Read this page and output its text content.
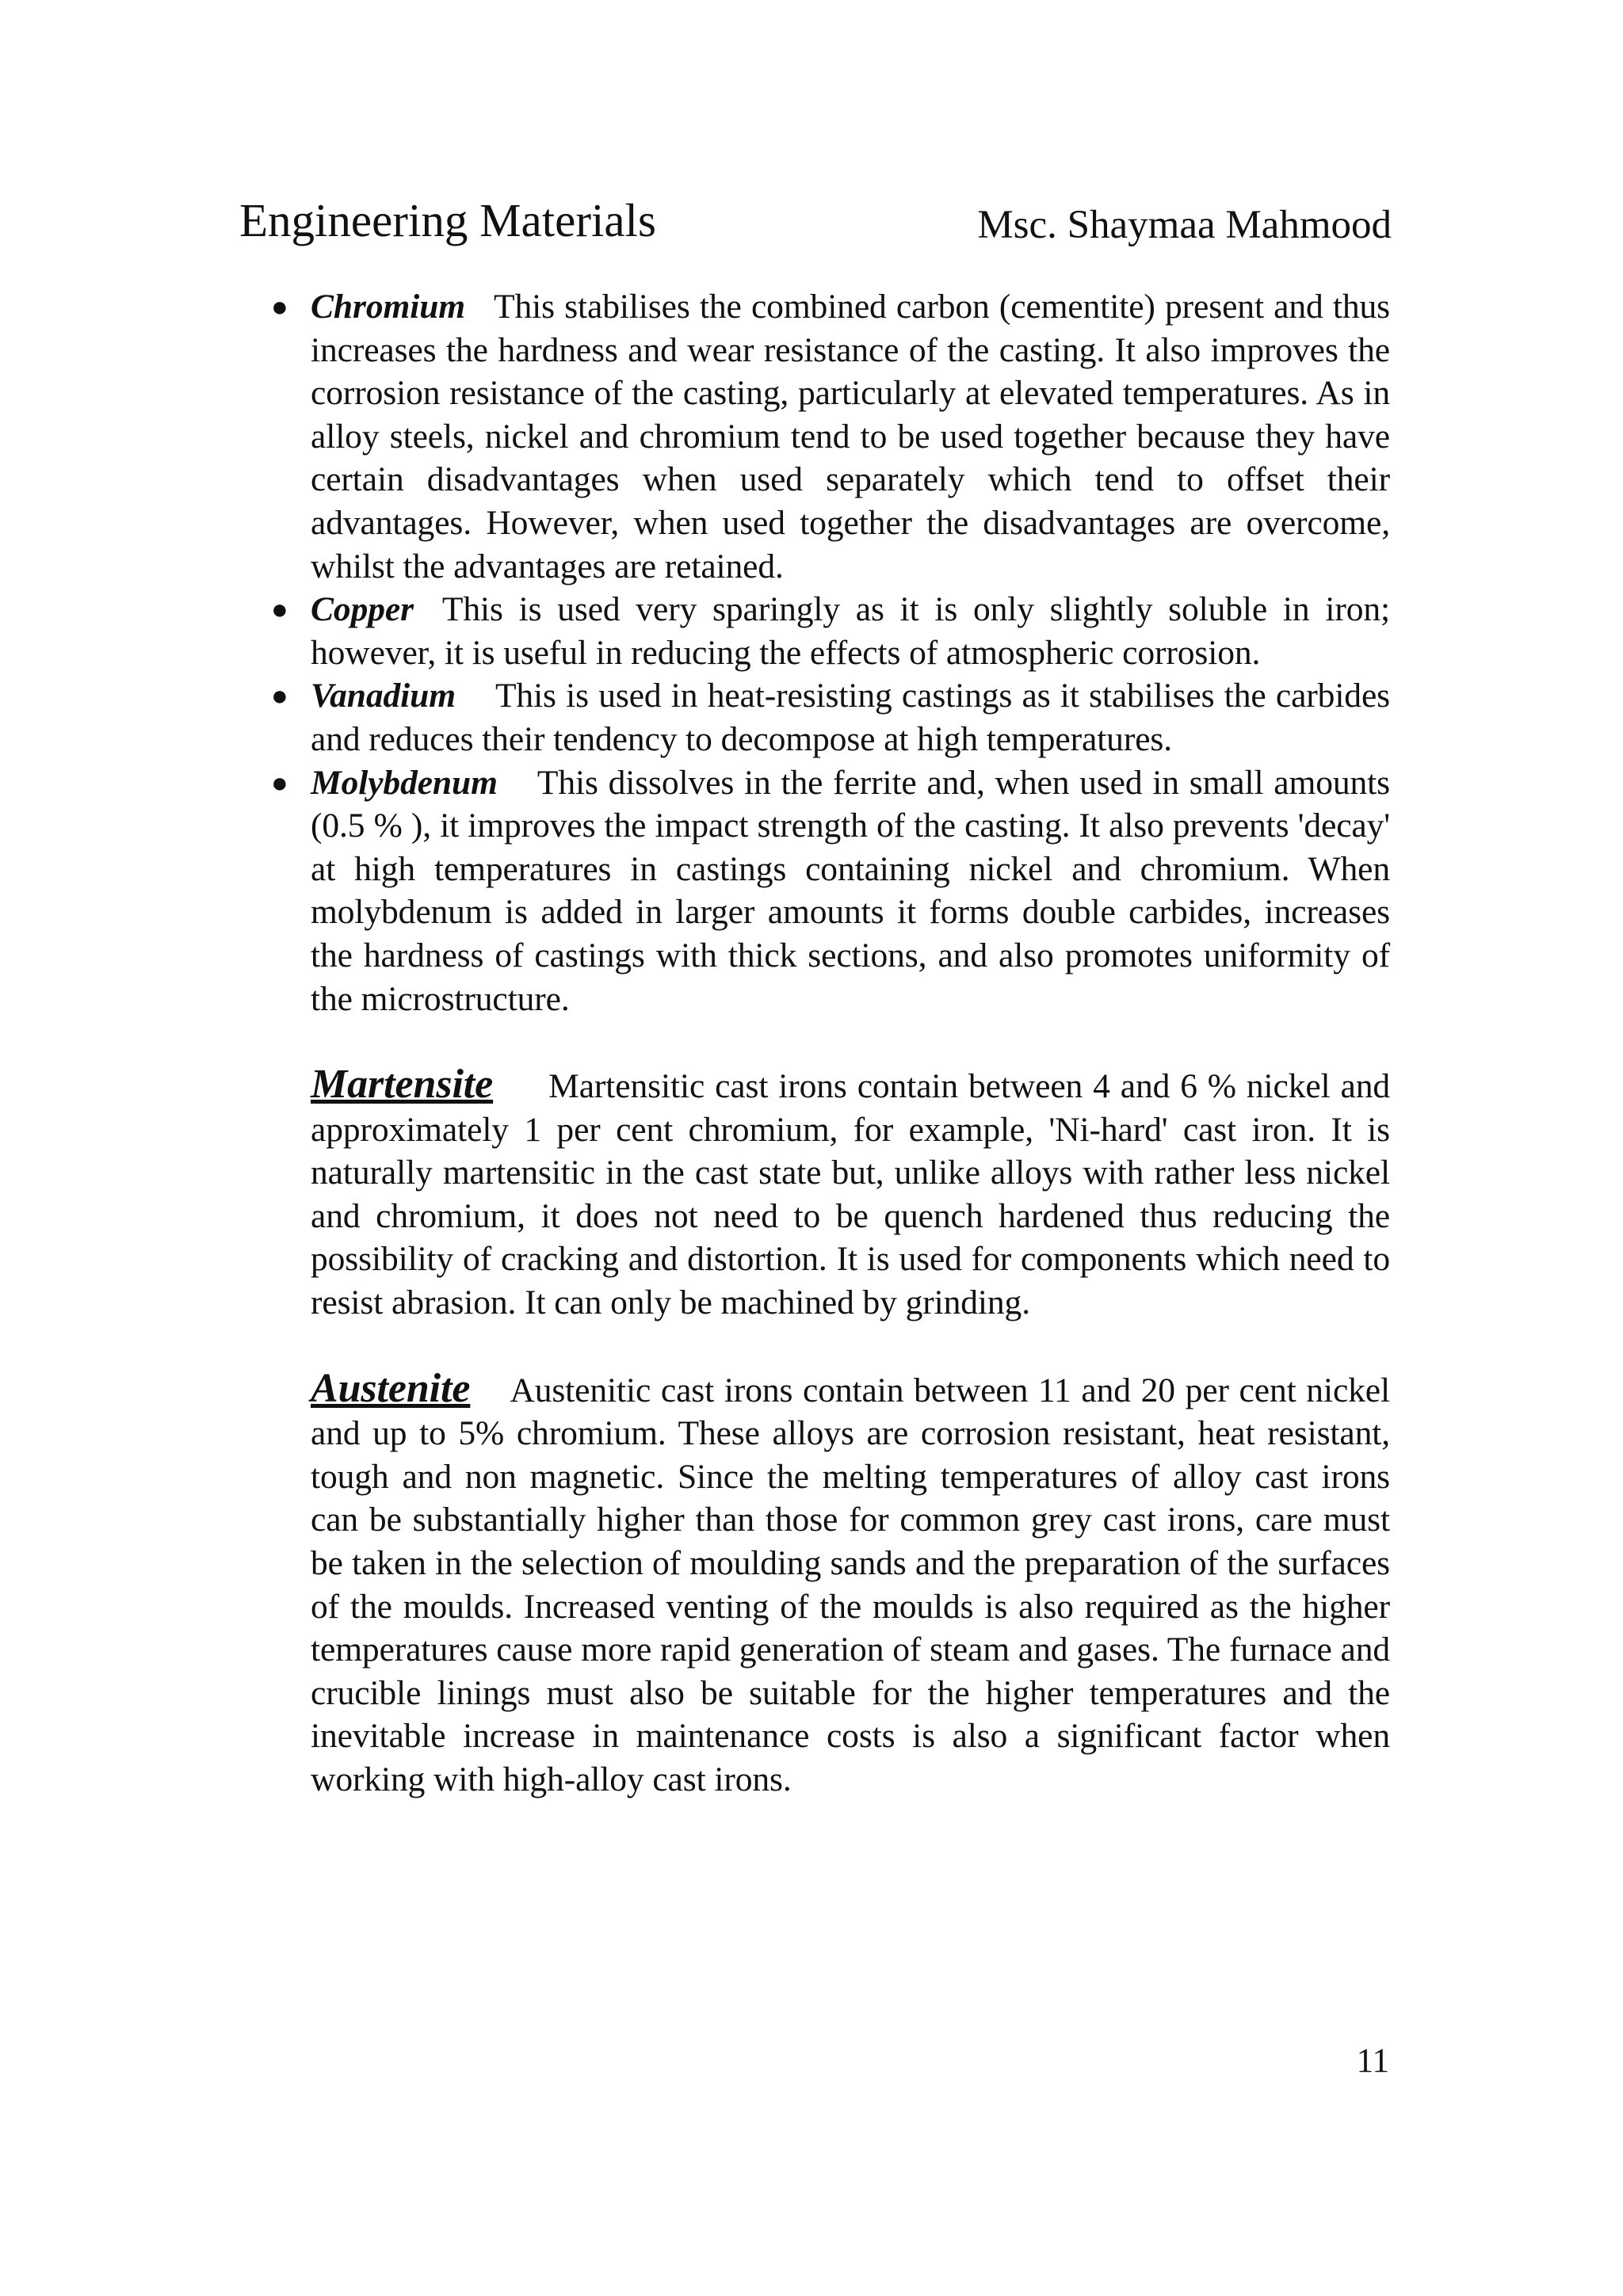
Engineering Materials	Msc. Shaymaa Mahmood
● Chromium This stabilises the combined carbon (cementite) present and thus increases the hardness and wear resistance of the casting. It also improves the corrosion resistance of the casting, particularly at elevated temperatures. As in alloy steels, nickel and chromium tend to be used together because they have certain disadvantages when used separately which tend to offset their advantages. However, when used together the disadvantages are overcome, whilst the advantages are retained.
● Copper This is used very sparingly as it is only slightly soluble in iron; however, it is useful in reducing the effects of atmospheric corrosion.
● Vanadium This is used in heat-resisting castings as it stabilises the carbides and reduces their tendency to decompose at high temperatures.
● Molybdenum This dissolves in the ferrite and, when used in small amounts (0.5 % ), it improves the impact strength of the casting. It also prevents 'decay' at high temperatures in castings containing nickel and chromium. When molybdenum is added in larger amounts it forms double carbides, increases the hardness of castings with thick sections, and also promotes uniformity of the microstructure.
Martensite Martensitic cast irons contain between 4 and 6 % nickel and approximately 1 per cent chromium, for example, 'Ni-hard' cast iron. It is naturally martensitic in the cast state but, unlike alloys with rather less nickel and chromium, it does not need to be quench hardened thus reducing the possibility of cracking and distortion. It is used for components which need to resist abrasion. It can only be machined by grinding.
Austenite Austenitic cast irons contain between 11 and 20 per cent nickel and up to 5% chromium. These alloys are corrosion resistant, heat resistant, tough and non magnetic. Since the melting temperatures of alloy cast irons can be substantially higher than those for common grey cast irons, care must be taken in the selection of moulding sands and the preparation of the surfaces of the moulds. Increased venting of the moulds is also required as the higher temperatures cause more rapid generation of steam and gases. The furnace and crucible linings must also be suitable for the higher temperatures and the inevitable increase in maintenance costs is also a significant factor when working with high-alloy cast irons.
11
